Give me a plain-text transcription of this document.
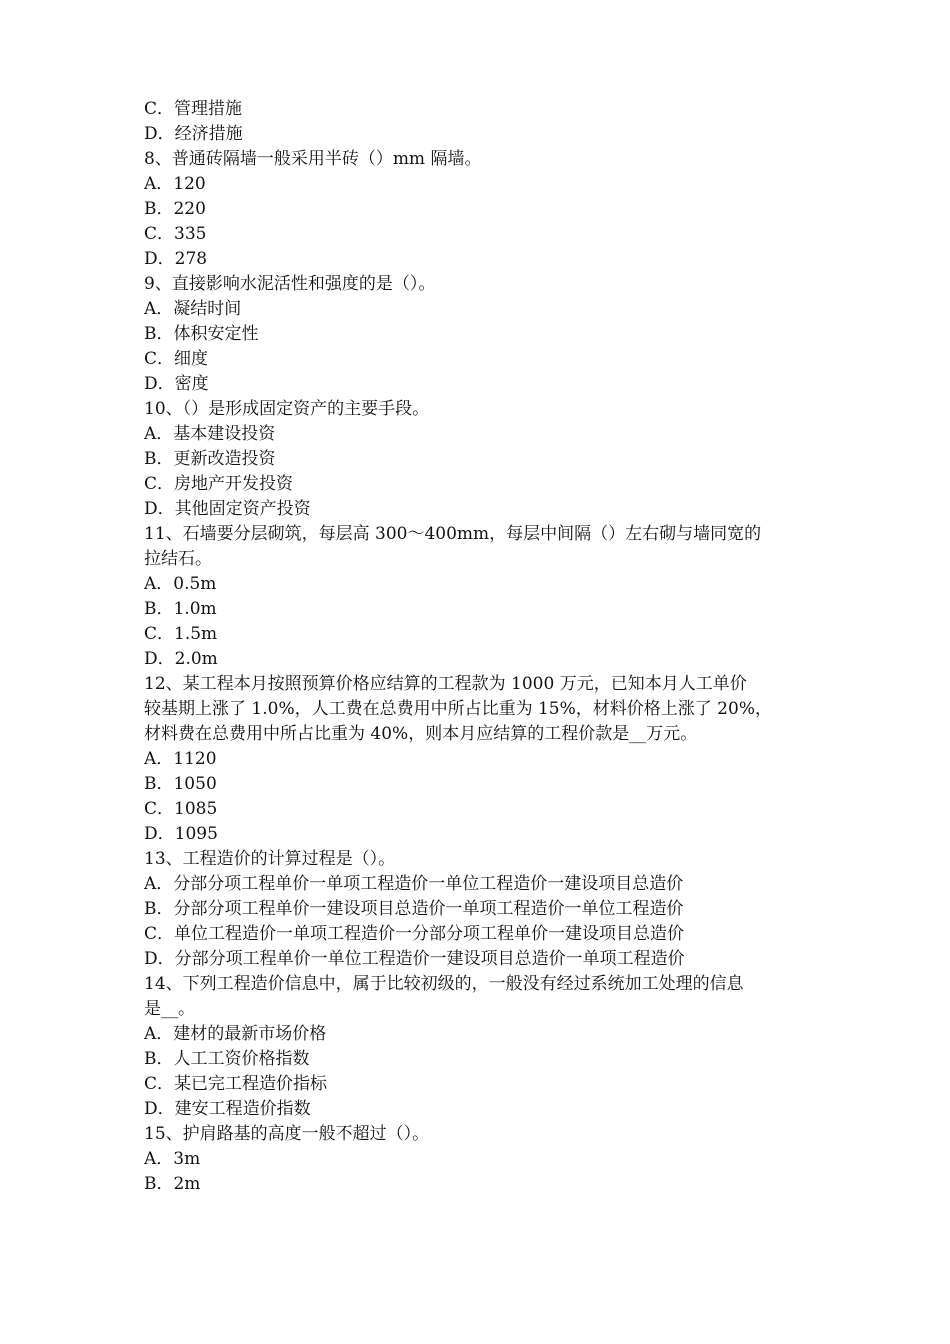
C．管理措施
D．经济措施
8、普通砖隔墙一般采用半砖（）mm 隔墙。
A．120
B．220
C．335
D．278
9、直接影响水泥活性和强度的是（）。
A．凝结时间
B．体积安定性
C．细度
D．密度
10、（）是形成固定资产的主要手段。
A．基本建设投资
B．更新改造投资
C．房地产开发投资
D．其他固定资产投资
11、石墙要分层砌筑，每层高 300～400mm，每层中间隔（）左右砌与墙同宽的
拉结石。
A．0.5m
B．1.0m
C．1.5m
D．2.0m
12、某工程本月按照预算价格应结算的工程款为 1000 万元，已知本月人工单价
较基期上涨了 1.0%，人工费在总费用中所占比重为 15%，材料价格上涨了 20%，
材料费在总费用中所占比重为 40%，则本月应结算的工程价款是__万元。
A．1120
B．1050
C．1085
D．1095
13、工程造价的计算过程是（）。
A．分部分项工程单价一单项工程造价一单位工程造价一建设项目总造价
B．分部分项工程单价一建设项目总造价一单项工程造价一单位工程造价
C．单位工程造价一单项工程造价一分部分项工程单价一建设项目总造价
D．分部分项工程单价一单位工程造价一建设项目总造价一单项工程造价
14、下列工程造价信息中，属于比较初级的，一般没有经过系统加工处理的信息
是__。
A．建材的最新市场价格
B．人工工资价格指数
C．某已完工程造价指标
D．建安工程造价指数
15、护肩路基的高度一般不超过（）。
A．3m
B．2m
